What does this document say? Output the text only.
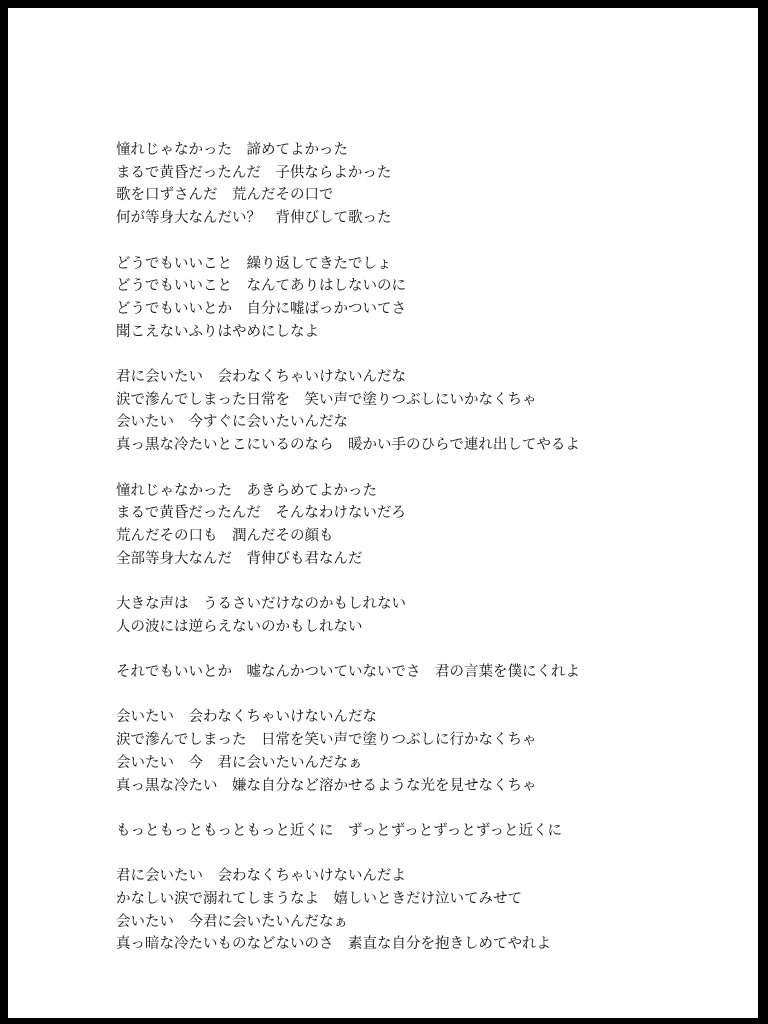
憧れじゃなかった　諦めてよかった
まるで黄昏だったんだ　子供ならよかった
歌を口ずさんだ　荒んだその口で
何が等身大なんだい？　背伸びして歌った
どうでもいいこと　繰り返してきたでしょ
どうでもいいこと　なんてありはしないのに
どうでもいいとか　自分に嘘ばっかついてさ
聞こえないふりはやめにしなよ
君に会いたい　会わなくちゃいけないんだな
涙で滲んでしまった日常を　笑い声で塗りつぶしにいかなくちゃ
会いたい　今すぐに会いたいんだな
真っ黒な冷たいとこにいるのなら　暖かい手のひらで連れ出してやるよ
憧れじゃなかった　あきらめてよかった
まるで黄昏だったんだ　そんなわけないだろ
荒んだその口も　潤んだその顔も
全部等身大なんだ　背伸びも君なんだ
大きな声は　うるさいだけなのかもしれない
人の波には逆らえないのかもしれない
それでもいいとか　嘘なんかついていないでさ　君の言葉を僕にくれよ
会いたい　会わなくちゃいけないんだな
涙で滲んでしまった　日常を笑い声で塗りつぶしに行かなくちゃ
会いたい　今　君に会いたいんだなぁ
真っ黒な冷たい　嫌な自分など溶かせるような光を見せなくちゃ
もっともっともっともっと近くに　ずっとずっとずっとずっと近くに
君に会いたい　会わなくちゃいけないんだよ
かなしい涙で溺れてしまうなよ　嬉しいときだけ泣いてみせて
会いたい　今君に会いたいんだなぁ
真っ暗な冷たいものなどないのさ　素直な自分を抱きしめてやれよ
